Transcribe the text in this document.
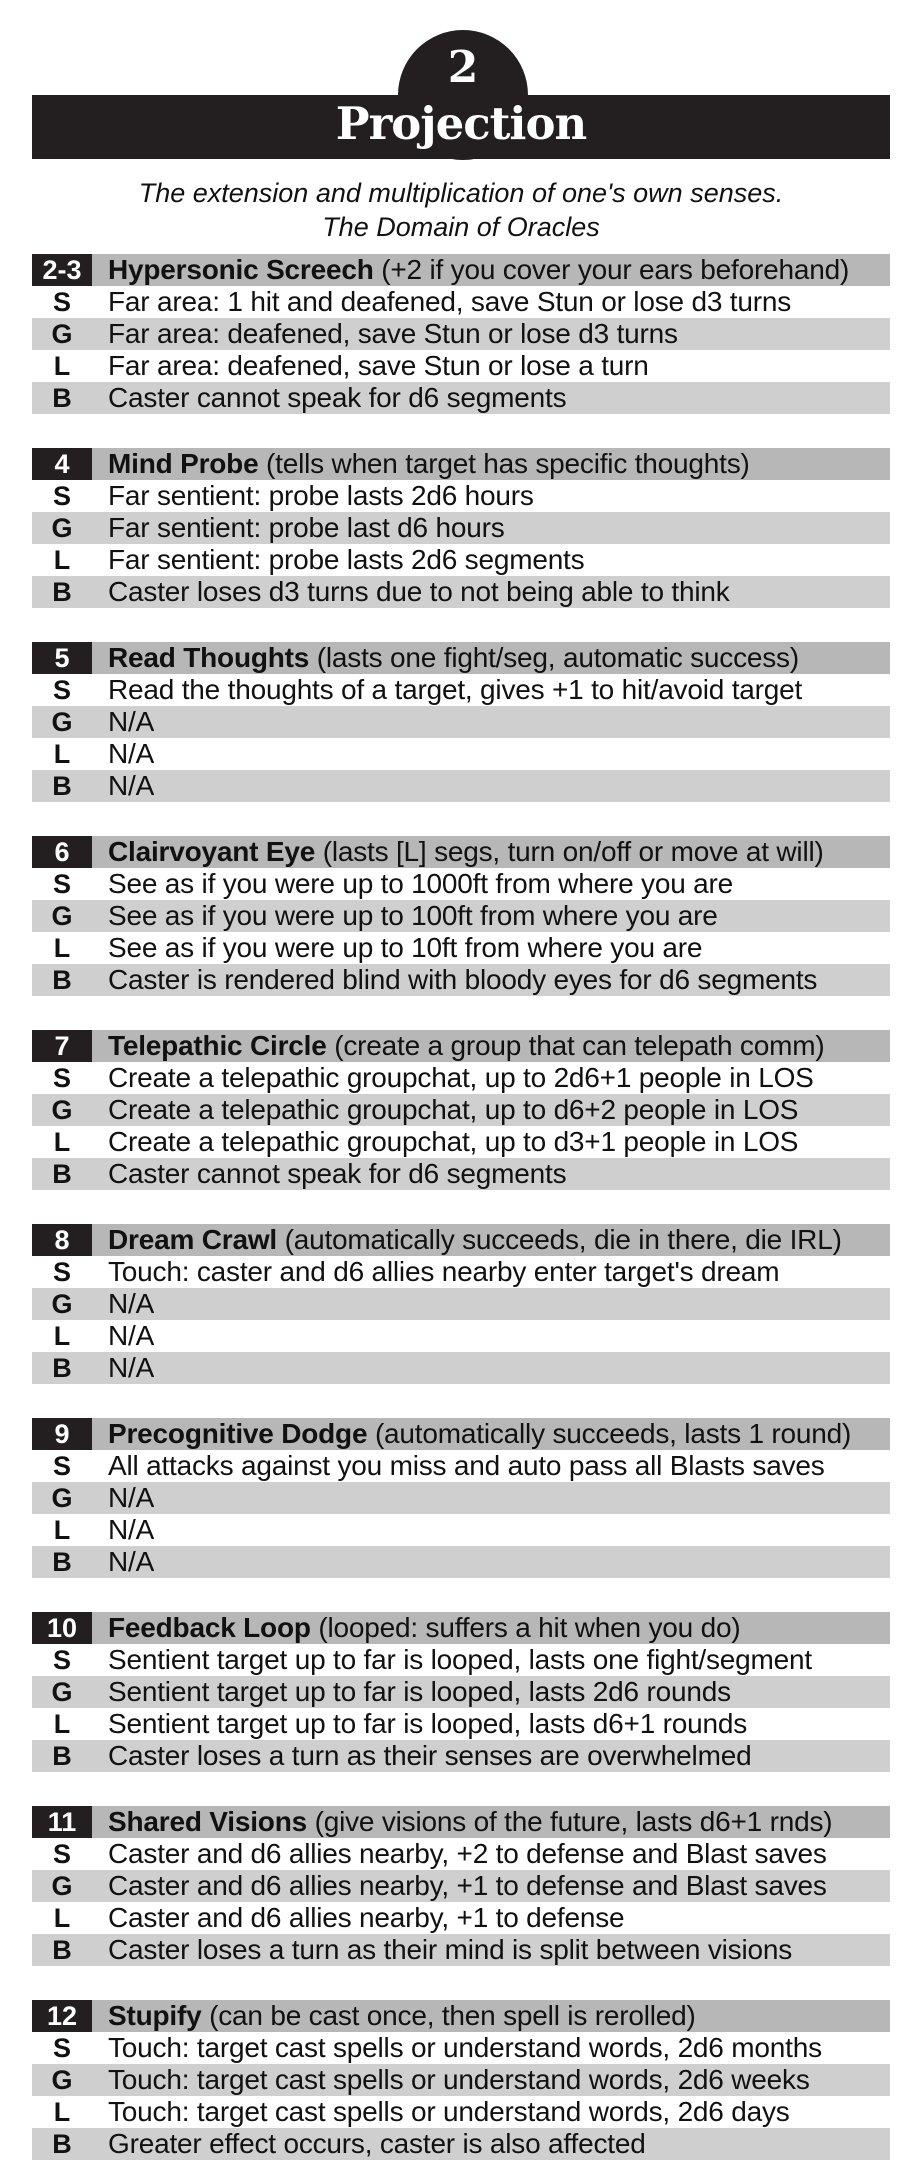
2
Projection
The extension and multiplication of one's own senses.
The Domain of Oracles
2-3 Hypersonic Screech (+2 if you cover your ears beforehand)
S	Far area: 1 hit and deafened, save Stun or lose d3 turns
G	Far area: deafened, save Stun or lose d3 turns
L	Far area: deafened, save Stun or lose a turn
B	Caster cannot speak for d6 segments
4	Mind Probe (tells when target has specific thoughts)
S	Far sentient: probe lasts 2d6 hours
G	Far sentient: probe last d6 hours
L	Far sentient: probe lasts 2d6 segments
B	Caster loses d3 turns due to not being able to think
5	Read Thoughts (lasts one fight/seg, automatic success)
S	Read the thoughts of a target, gives +1 to hit/avoid target
G	N/A
L	N/A
B	N/A
6	Clairvoyant Eye (lasts [L] segs, turn on/off or move at will)
S	See as if you were up to 1000ft from where you are
G	See as if you were up to 100ft from where you are
L	See as if you were up to 10ft from where you are
B	Caster is rendered blind with bloody eyes for d6 segments
7	Telepathic Circle (create a group that can telepath comm)
S	Create a telepathic groupchat, up to 2d6+1 people in LOS
G	Create a telepathic groupchat, up to d6+2 people in LOS
L	Create a telepathic groupchat, up to d3+1 people in LOS
B	Caster cannot speak for d6 segments
8	Dream Crawl (automatically succeeds, die in there, die IRL)
S	Touch: caster and d6 allies nearby enter target's dream
G	N/A
L	N/A
B	N/A
9	Precognitive Dodge (automatically succeeds, lasts 1 round)
S	All attacks against you miss and auto pass all Blasts saves
G	N/A
L	N/A
B	N/A
10	Feedback Loop (looped: suffers a hit when you do)
S	Sentient target up to far is looped, lasts one fight/segment
G	Sentient target up to far is looped, lasts 2d6 rounds
L	Sentient target up to far is looped, lasts d6+1 rounds
B	Caster loses a turn as their senses are overwhelmed
11	Shared Visions (give visions of the future, lasts d6+1 rnds)
S	Caster and d6 allies nearby, +2 to defense and Blast saves
G	Caster and d6 allies nearby, +1 to defense and Blast saves
L	Caster and d6 allies nearby, +1 to defense
B	Caster loses a turn as their mind is split between visions
12	Stupify (can be cast once, then spell is rerolled)
S	Touch: target cast spells or understand words, 2d6 months
G	Touch: target cast spells or understand words, 2d6 weeks
L	Touch: target cast spells or understand words, 2d6 days
B	Greater effect occurs, caster is also affected
